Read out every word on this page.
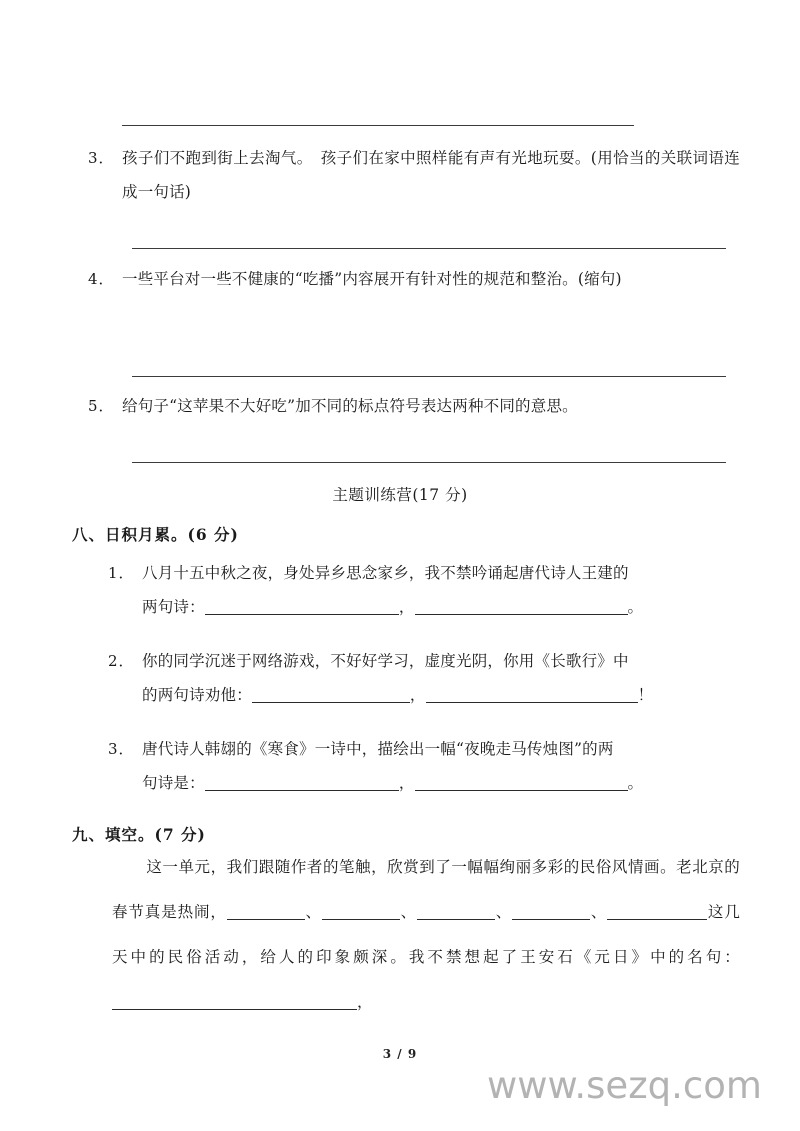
3． 孩子们不跑到街上去淘气。　孩子们在家中照样能有声有光地玩耍。(用恰当的关联词语连成一句话)
4． 一些平台对一些不健康的“吃播”内容展开有针对性的规范和整治。(缩句)
5． 给句子“这苹果不大好吃”加不同的标点符号表达两种不同的意思。
主题训练营(17 分)
八、日积月累。(6 分)
1． 八月十五中秋之夜，身处异乡思念家乡，我不禁吟诵起唐代诗人王建的
两句诗：	，	。
2． 你的同学沉迷于网络游戏，不好好学习，虚度光阴，你用《长歌行》中
的两句诗劝他：	，	！
3． 唐代诗人韩翃的《寒食》一诗中，描绘出一幅“夜晚走马传烛图”的两
句诗是：	，	。
九、填空。(7 分)
这一单元，我们跟随作者的笔触，欣赏到了一幅幅绚丽多彩的民俗风情画。老北京的春节真是热闹，	、	、	、	、	这几天中的民俗活动，给人的印象颇深。我不禁想起了王安石《元日》中的名句：，
3 / 9
www.sezq.com
